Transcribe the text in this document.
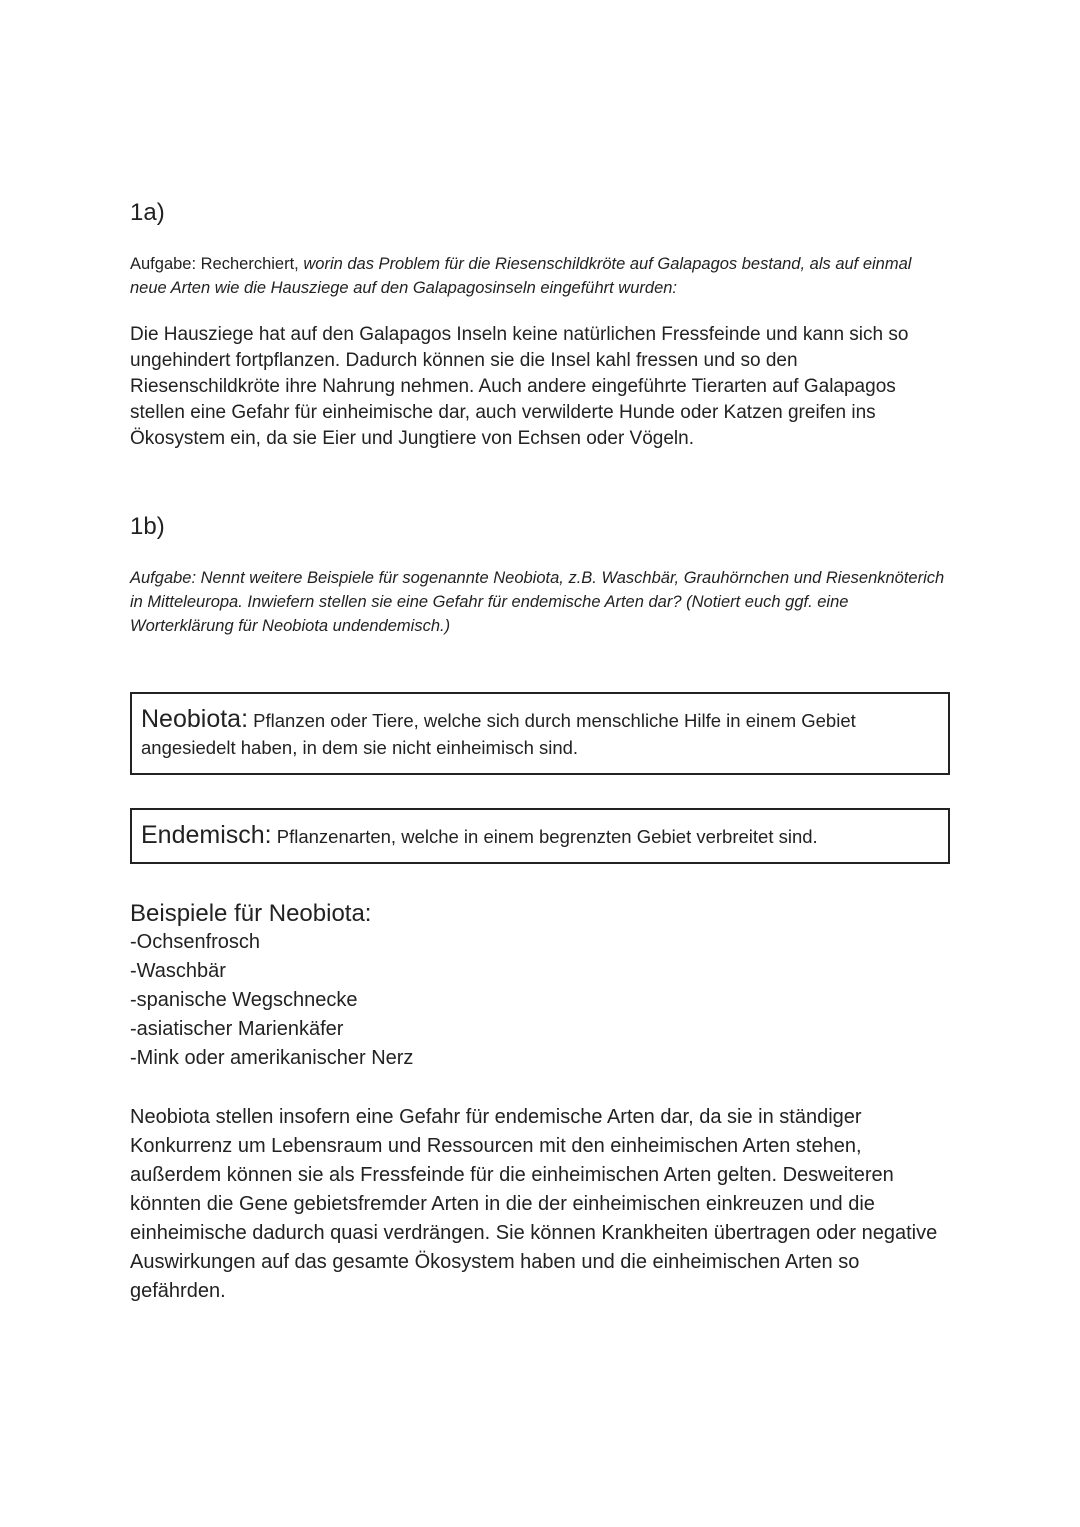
1a)
Aufgabe: Recherchiert, worin das Problem für die Riesenschildkröte auf Galapagos bestand, als auf einmal neue Arten wie die Hausziege auf den Galapagosinseln eingeführt wurden:

Die Hausziege hat auf den Galapagos Inseln keine natürlichen Fressfeinde und kann sich so ungehindert fortpflanzen. Dadurch können sie die Insel kahl fressen und so den Riesenschildkröte ihre Nahrung nehmen. Auch andere eingeführte Tierarten auf Galapagos stellen eine Gefahr für einheimische dar, auch verwilderte Hunde oder Katzen greifen ins Ökosystem ein, da sie Eier und Jungtiere von Echsen oder Vögeln.

1b)
Aufgabe: Nennt weitere Beispiele für sogenannte Neobiota, z.B. Waschbär, Grauhörnchen und Riesenknöterich in Mitteleuropa. Inwiefern stellen sie eine Gefahr für endemische Arten dar? (Notiert euch ggf. eine Worterklärung für Neobiota undendemisch.)
Neobiota: Pflanzen oder Tiere, welche sich durch menschliche Hilfe in einem Gebiet angesiedelt haben, in dem sie nicht einheimisch sind.
Endemisch: Pflanzenarten, welche in einem begrenzten Gebiet verbreitet sind.
Beispiele für Neobiota:
-Ochsenfrosch
-Waschbär
-spanische Wegschnecke
-asiatischer Marienkäfer
-Mink oder amerikanischer Nerz

Neobiota stellen insofern eine Gefahr für endemische Arten dar, da sie in ständiger Konkurrenz um Lebensraum und Ressourcen mit den einheimischen Arten stehen, außerdem können sie als Fressfeinde für die einheimischen Arten gelten. Desweiteren könnten die Gene gebietsfremder Arten in die der einheimischen einkreuzen und die einheimische dadurch quasi verdrängen. Sie können Krankheiten übertragen oder negative Auswirkungen auf das gesamte Ökosystem haben und die einheimischen Arten so gefährden.
